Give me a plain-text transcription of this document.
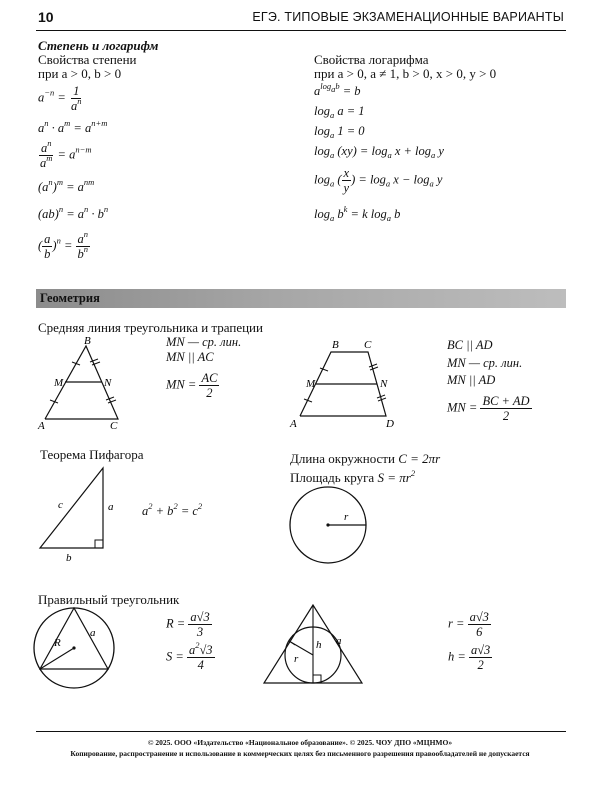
10	ЕГЭ. ТИПОВЫЕ ЭКЗАМЕНАЦИОННЫЕ ВАРИАНТЫ
Степень и логарифм
Свойства степени
при a > 0, b > 0
$a^{-n} = \frac{1}{a^n}$
$a^n \cdot a^m = a^{n+m}$
$\frac{a^n}{a^m} = a^{n-m}$
$(a^n)^m = a^{nm}$
$(ab)^n = a^n \cdot b^n$
( $\frac{a}{b} )^n = \frac{a^n}{b^n}$
Свойства логарифма
при a > 0, a ≠ 1, b > 0, x > 0, y > 0
$a^{log_ab} = b$
$\log_a a = 1$
$\log_a 1 = 0$
$\log_a (xy) = \log_a x + \log_a y$
$\log_a$ ( $\frac{x}{y}$ ) = $\log_a x - \log_a y$
$\log_a b^k = k$ $\log_a b$
Геометрия
Средняя линия треугольника и трапеции
B
M	N
A	C
MN — ср. лин.
MN || AC
MN = $\frac{AC}{2}$
B C
M	N
A	D
BC || AD
MN — ср. лин.
MN || AD
MN = $\frac{BC + AD}{2}$
Теорема Пифагора
c	a
b
$a^2 + b^2 = c^2$
Длина окружности C = 2πr
Площадь круга $S = \pi r^2$
r
Правильный треугольник
R
a
$R = \frac{a√3}{3}$
$S = \frac{a^2√3}{4}$	r
h a
$r = \frac{a√3}{6}$
$h = \frac{a√3}{2}$
© 2025. ООО «Издательство «Национальное образование». © 2025. ЧОУ ДПО «МЦНМО»
Копирование, распространение и использование в коммерческих целях без письменного разрешения правообладателей не допускается
